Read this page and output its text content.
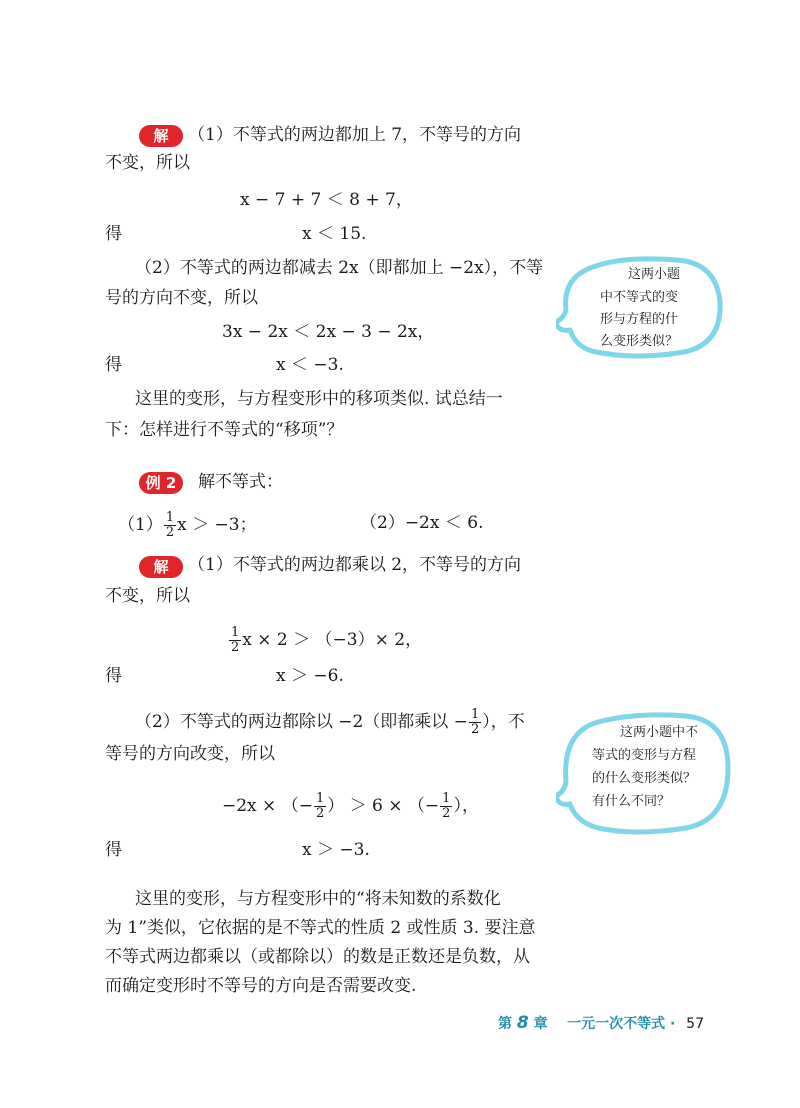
解	（1）不等式的两边都加上 7，不等号的方向
不变，所以
x − 7 + 7 ＜ 8 + 7，
得	x ＜ 15.
（2）不等式的两边都减去 2x（即都加上 −2x），不等
号的方向不变，所以
3x − 2x ＜ 2x − 3 − 2x，
得	x ＜ −3.
这里的变形，与方程变形中的移项类似. 试总结一
下：怎样进行不等式的“移项”？
这两小题
中不等式的变
形与方程的什
么变形类似？
例 2	解不等式：
$(1) \frac{1}{2}$ x ＞ −3；	（2）−2x ＜ 6.
解	（1）不等式的两边都乘以 2，不等号的方向
不变，所以
$\frac{1}{2}$ x × 2 ＞ （−3）× 2，
得	x ＞ −6.
（2）不等式的两边都除以 −2（即都乘以 − $\frac{1}{2}$ ），不
等号的方向改变，所以
−2x × （− $\frac{1}{2}$ ） ＞ 6 × （− $\frac{1}{2}$ ），
得	x ＞ −3.
这里的变形，与方程变形中的“将未知数的系数化
为 1”类似，它依据的是不等式的性质 2 或性质 3. 要注意
不等式两边都乘以（或都除以）的数是正数还是负数，从
而确定变形时不等号的方向是否需要改变.
这两小题中不
等式的变形与方程
的什么变形类似？
有什么不同？
第 8 章 一元一次不等式 · 57
